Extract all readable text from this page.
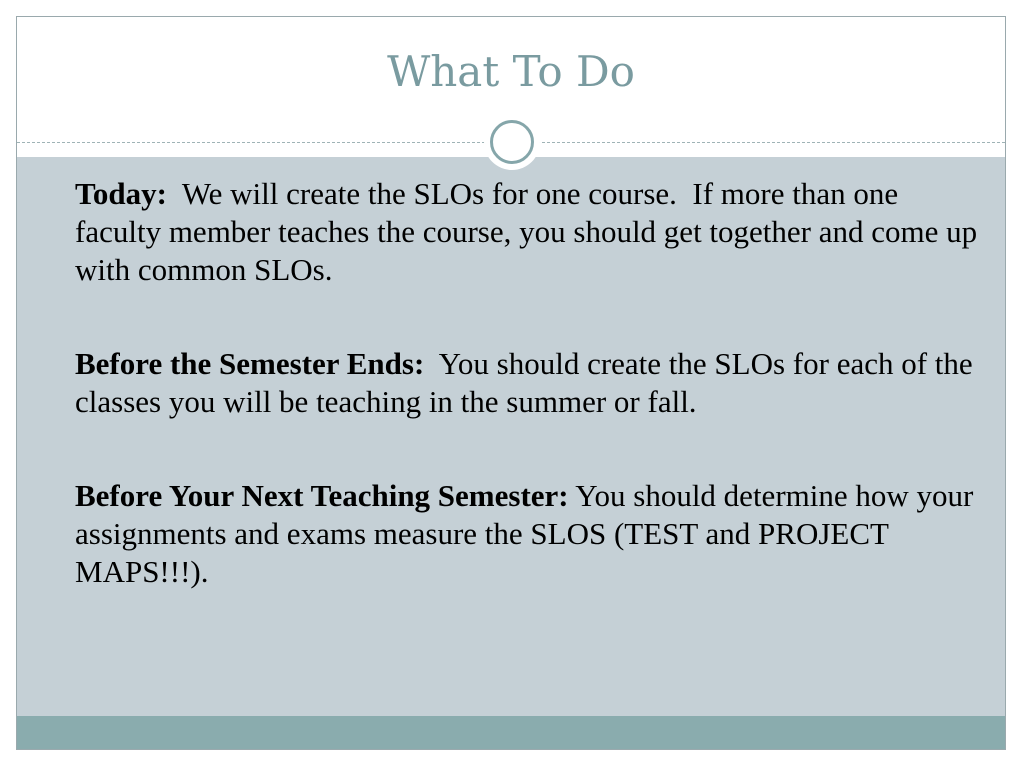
What To Do

Today:  We will create the SLOs for one course.  If more than one faculty member teaches the course, you should get together and come up with common SLOs.

Before the Semester Ends:  You should create the SLOs for each of the classes you will be teaching in the summer or fall.

Before Your Next Teaching Semester: You should determine how your assignments and exams measure the SLOS (TEST and PROJECT MAPS!!!).
